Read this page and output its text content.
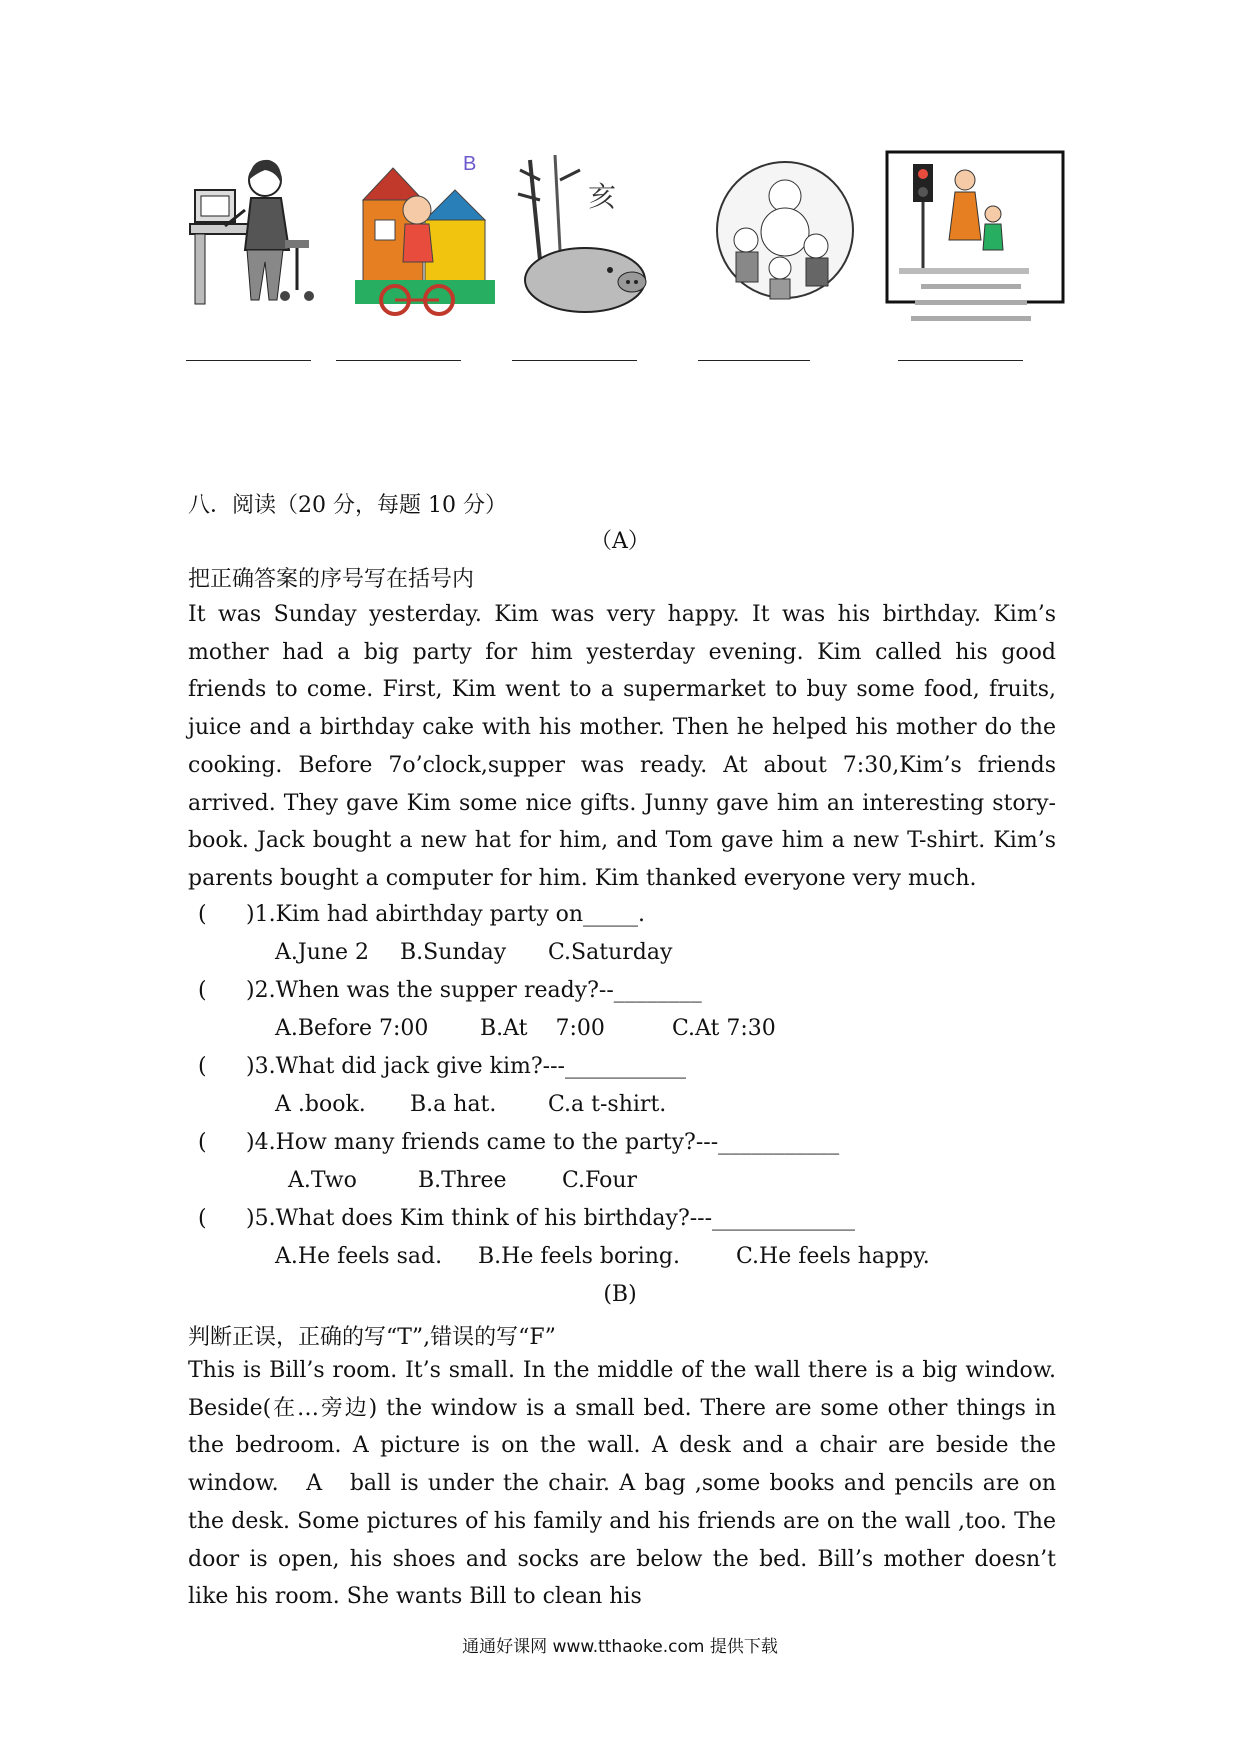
B
亥
八．阅读（20 分，每题 10 分）
（A）
把正确答案的序号写在括号内
It was Sunday yesterday. Kim was very happy. It was his birthday. Kim’s mother had a big party for him yesterday evening. Kim called his good friends to come. First, Kim went to a supermarket to buy some food, fruits, juice and a birthday cake with his mother. Then he helped his mother do the cooking. Before 7o’clock,supper was ready. At about 7:30,Kim’s friends arrived. They gave Kim some nice gifts. Junny gave him an interesting story-book. Jack bought a new hat for him, and Tom gave him a new T-shirt. Kim’s parents bought a computer for him. Kim thanked everyone very much.
( )1.Kim had abirthday party on_____.
A.June 2 B.Sunday C.Saturday
( )2.When was the supper ready?--________
A.Before 7:00 B.At    7:00	C.At 7:30
( )3.What did jack give kim?---___________
A .book. B.a hat. C.a t-shirt.
( )4.How many friends came to the party?---___________
A.Two	B.Three	C.Four
( )5.What does Kim think of his birthday?---_____________
A.He feels sad. B.He feels boring.	C.He feels happy.
(B)
判断正误，正确的写“T”,错误的写“F”
This is Bill’s room. It’s small. In the middle of the wall there is a big window. Beside(在…旁边) the window is a small bed. There are some other things in the bedroom. A picture is on the wall. A desk and a chair are beside the window.   A   ball is under the chair. A bag ,some books and pencils are on the desk. Some pictures of his family and his friends are on the wall ,too. The door is open, his shoes and socks are below the bed. Bill’s mother doesn’t like his room. She wants Bill to clean his
通通好课网 www.tthaoke.com 提供下载
